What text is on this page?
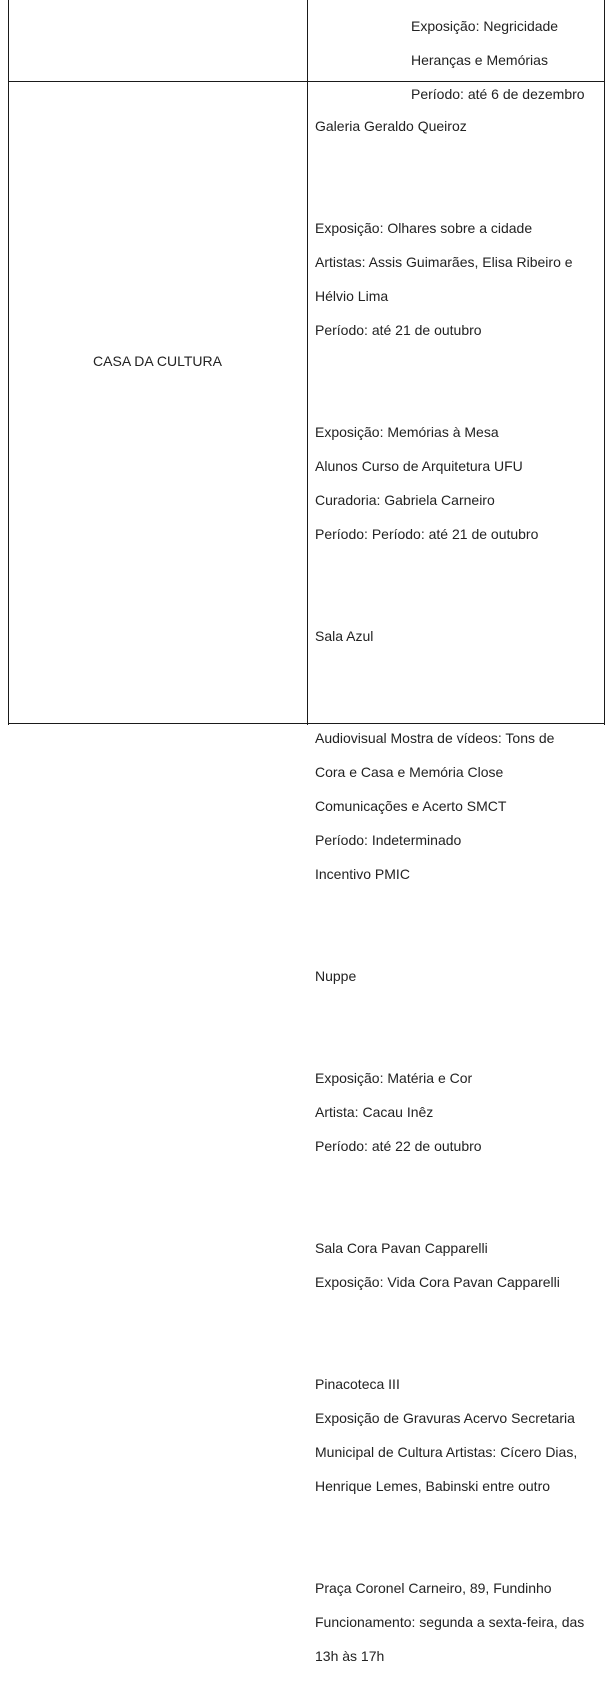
Exposição: Negricidade

Heranças e Memórias

Período: até 6 de dezembro

CASA DA CULTURA

Galeria Geraldo Queiroz

Exposição: Olhares sobre a cidade

Artistas: Assis Guimarães, Elisa Ribeiro e

Hélvio Lima

Período: até 21 de outubro

Exposição: Memórias à Mesa

Alunos Curso de Arquitetura UFU

Curadoria: Gabriela Carneiro

Período: Período: até 21 de outubro

Sala Azul

Audiovisual Mostra de vídeos: Tons de

Cora e Casa e Memória Close

Comunicações e Acerto SMCT

Período: Indeterminado

Incentivo PMIC

Nuppe

Exposição: Matéria e Cor

Artista: Cacau Inêz

Período: até 22 de outubro

Sala Cora Pavan Capparelli

Exposição: Vida Cora Pavan Capparelli

Pinacoteca III

Exposição de Gravuras Acervo Secretaria

Municipal de Cultura Artistas: Cícero Dias,

Henrique Lemes, Babinski entre outro

Praça Coronel Carneiro, 89, Fundinho

Funcionamento: segunda a sexta-feira, das

13h às 17h
